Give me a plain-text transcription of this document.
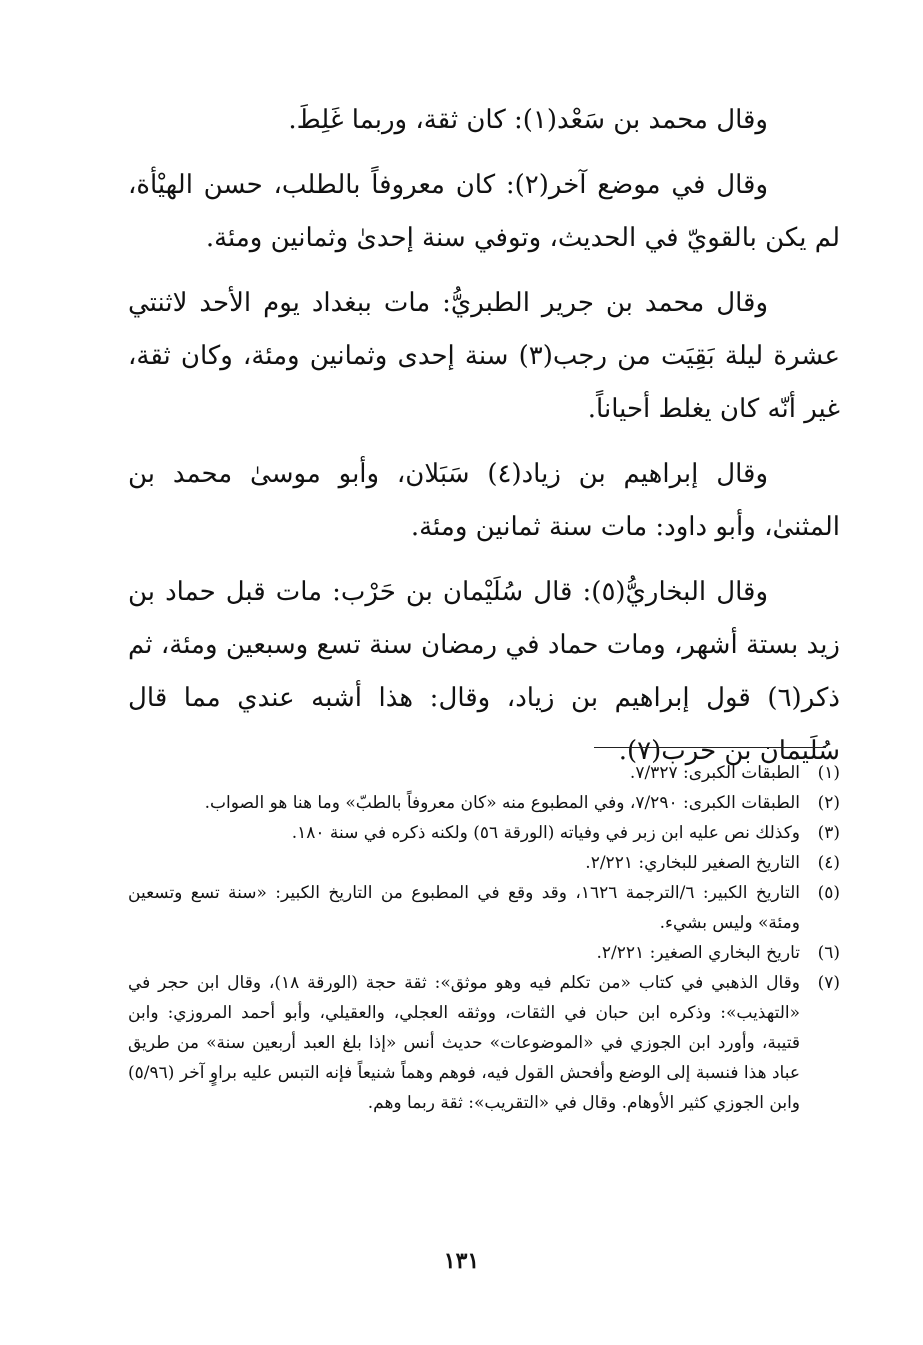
وقال محمد بن سَعْد(١): كان ثقة، وربما غَلِطَ.

وقال في موضع آخر(٢): كان معروفاً بالطلب، حسن الهيْأة، لم يكن بالقويّ في الحديث، وتوفي سنة إحدىٰ وثمانين ومئة.

وقال محمد بن جرير الطبريُّ: مات ببغداد يوم الأحد لاثنتي عشرة ليلة بَقِيَت من رجب(٣) سنة إحدى وثمانين ومئة، وكان ثقة، غير أنّه كان يغلط أحياناً.

وقال إبراهيم بن زياد(٤) سَبَلان، وأبو موسىٰ محمد بن المثنىٰ، وأبو داود: مات سنة ثمانين ومئة.

وقال البخاريُّ(٥): قال سُلَيْمان بن حَرْب: مات قبل حماد بن زيد بستة أشهر، ومات حماد في رمضان سنة تسع وسبعين ومئة، ثم ذكر(٦) قول إبراهيم بن زياد، وقال: هذا أشبه عندي مما قال سُلَيمان بن حرب(٧).

(١)
الطبقات الكبرى: ٧/٣٢٧.

(٢)
الطبقات الكبرى: ٧/٢٩٠، وفي المطبوع منه «كان معروفاً بالطبّ» وما هنا هو الصواب.

(٣)
وكذلك نص عليه ابن زبر في وفياته (الورقة ٥٦) ولكنه ذكره في سنة ١٨٠.

(٤)
التاريخ الصغير للبخاري: ٢/٢٢١.

(٥)
التاريخ الكبير: ٦/الترجمة ١٦٢٦، وقد وقع في المطبوع من التاريخ الكبير: «سنة تسع وتسعين ومئة» وليس بشيء.

(٦)
تاريخ البخاري الصغير: ٢/٢٢١.

(٧)
وقال الذهبي في كتاب «من تكلم فيه وهو موثق»: ثقة حجة (الورقة ١٨)، وقال ابن حجر في «التهذيب»: وذكره ابن حبان في الثقات، ووثقه العجلي، والعقيلي، وأبو أحمد المروزي: وابن قتيبة، وأورد ابن الجوزي في «الموضوعات» حديث أنس «إذا بلغ العبد أربعين سنة» من طريق عباد هذا فنسبة إلى الوضع وأفحش القول فيه، فوهم وهماً شنيعاً فإنه التبس عليه براوٍ آخر (٥/٩٦) وابن الجوزي كثير الأوهام. وقال في «التقريب»: ثقة ربما وهم.

١٣١
